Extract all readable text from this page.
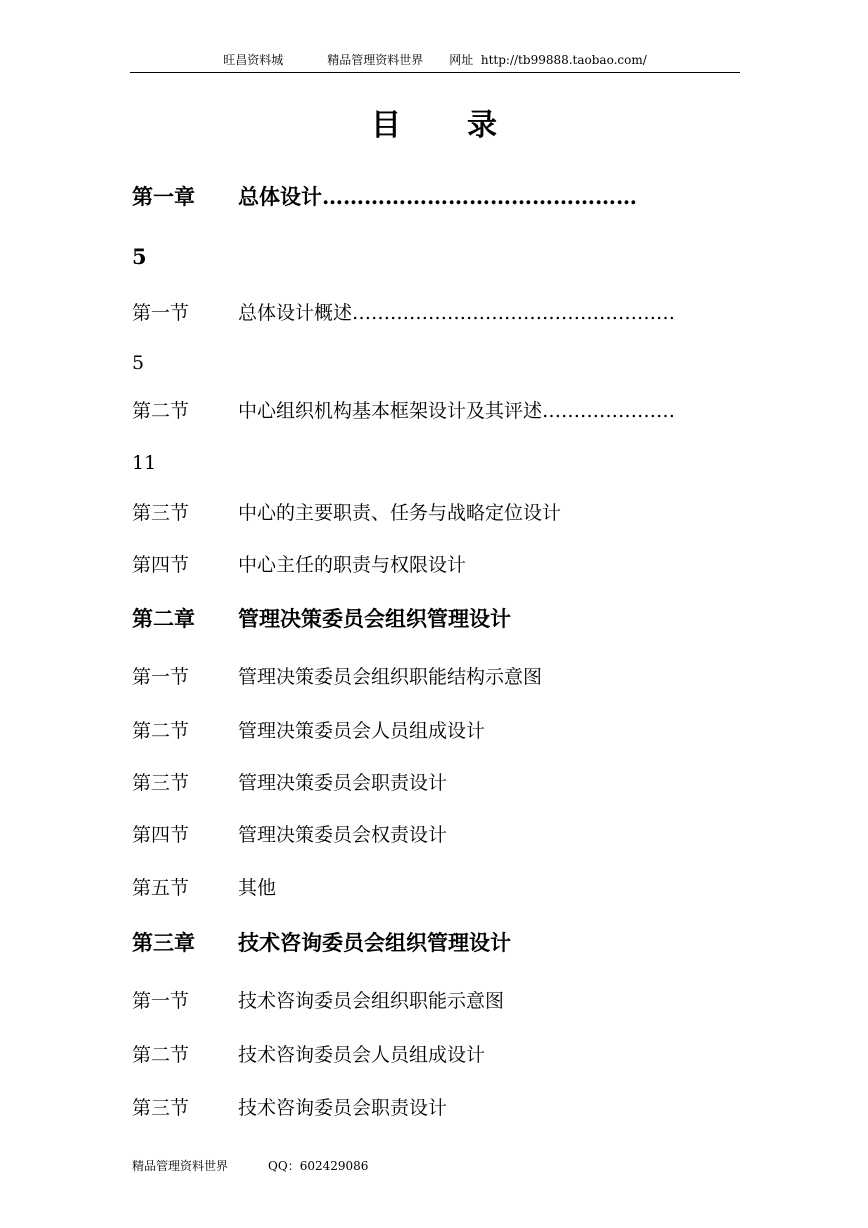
旺昌资料城	精品管理资料世界 网址 http://tb99888.taobao.com/
目 录
第一章 总体设计………………………………………
5
第一节	总体设计概述……………………………………………
5
第二节	中心组织机构基本框架设计及其评述…………………
11
第三节	中心的主要职责、任务与战略定位设计
第四节	中心主任的职责与权限设计
第二章 管理决策委员会组织管理设计
第一节	管理决策委员会组织职能结构示意图
第二节	管理决策委员会人员组成设计
第三节	管理决策委员会职责设计
第四节	管理决策委员会权责设计
第五节	其他
第三章 技术咨询委员会组织管理设计
第一节	技术咨询委员会组织职能示意图
第二节	技术咨询委员会人员组成设计
第三节	技术咨询委员会职责设计
精品管理资料世界	QQ：602429086
